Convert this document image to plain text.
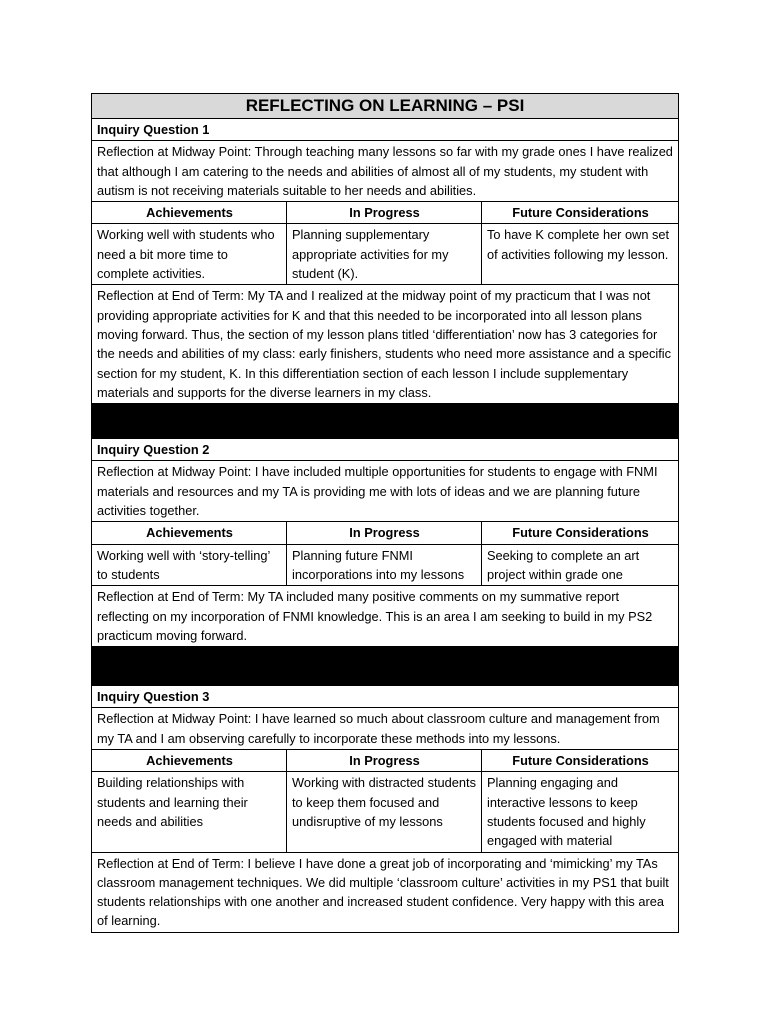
REFLECTING ON LEARNING – PSI		
Inquiry Question 1		
Reflection at Midway Point: Through teaching many lessons so far with my grade ones I have realized that although I am catering to the needs and abilities of almost all of my students, my student with autism is not receiving materials suitable to her needs and abilities.		
Achievements	In Progress	Future Considerations
Working well with students who need a bit more time to complete activities.	Planning supplementary appropriate activities for my student (K).	To have K complete her own set of activities following my lesson.
Reflection at End of Term: My TA and I realized at the midway point of my practicum that I was not providing appropriate activities for K and that this needed to be incorporated into all lesson plans moving forward. Thus, the section of my lesson plans titled ‘differentiation’ now has 3 categories for the needs and abilities of my class: early finishers, students who need more assistance and a specific section for my student, K. In this differentiation section of each lesson I include supplementary materials and supports for the diverse learners in my class.		

Inquiry Question 2		
Reflection at Midway Point: I have included multiple opportunities for students to engage with FNMI materials and resources and my TA is providing me with lots of ideas and we are planning future activities together.		
Achievements	In Progress	Future Considerations
Working well with ‘story-telling’ to students	Planning future FNMI incorporations into my lessons	Seeking to complete an art project within grade one
Reflection at End of Term: My TA included many positive comments on my summative report reflecting on my incorporation of FNMI knowledge. This is an area I am seeking to build in my PS2 practicum moving forward.		

Inquiry Question 3		
Reflection at Midway Point: I have learned so much about classroom culture and management from my TA and I am observing carefully to incorporate these methods into my lessons.		
Achievements	In Progress	Future Considerations
Building relationships with students and learning their needs and abilities	Working with distracted students to keep them focused and undisruptive of my lessons	Planning engaging and interactive lessons to keep students focused and highly engaged with material
Reflection at End of Term: I believe I have done a great job of incorporating and ‘mimicking’ my TAs classroom management techniques. We did multiple ‘classroom culture’ activities in my PS1 that built students relationships with one another and increased student confidence. Very happy with this area of learning.		
